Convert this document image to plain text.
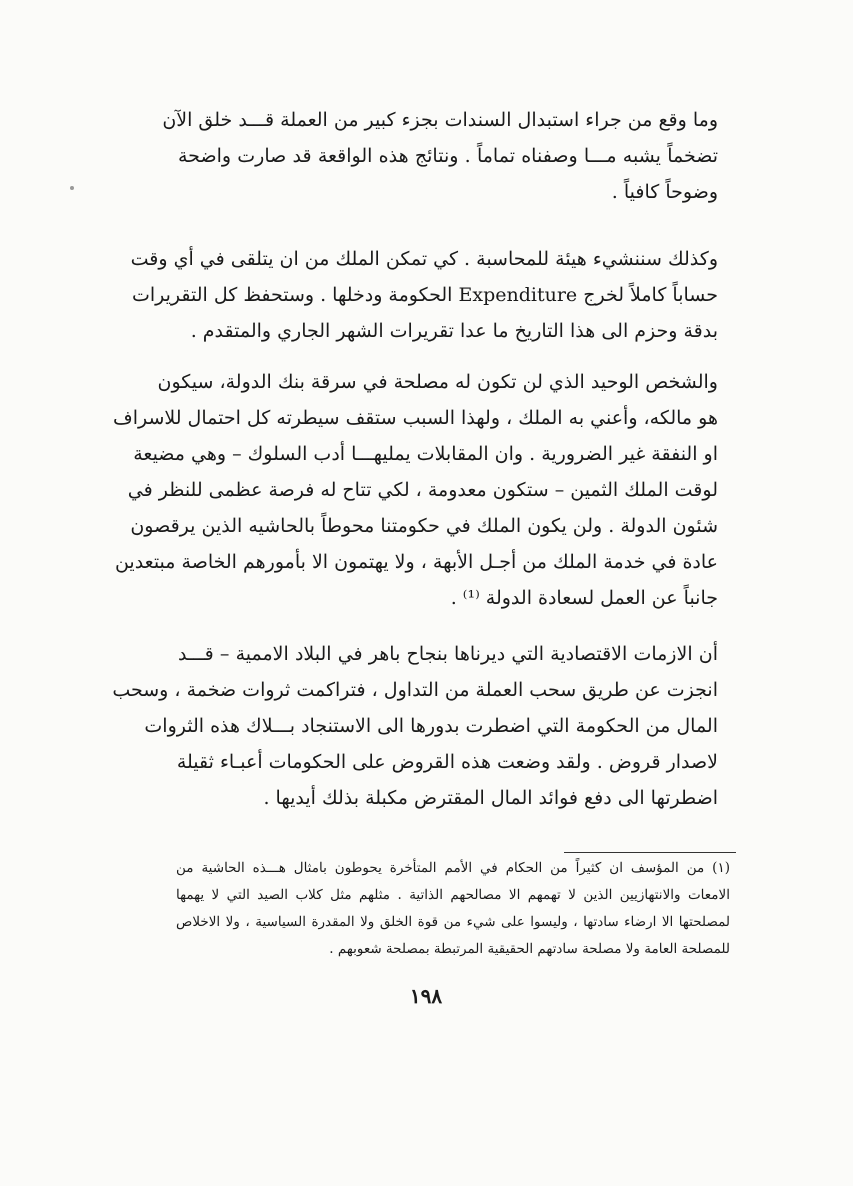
وما وقع من جراء استبدال السندات بجزء كبير من العملة قـــد خلق الآن
تضخماً يشبه مـــا وصفناه تماماً . ونتائج هذه الواقعة قد صارت واضحة
وضوحاً كافياً .
وكذلك سننشيء هيئة للمحاسبة . كي تمكن الملك من ان يتلقى في أي وقت
حساباً كاملاً لخرج Expenditure الحكومة ودخلها . وستحفظ كل التقريرات
بدقة وحزم الى هذا التاريخ ما عدا تقريرات الشهر الجاري والمتقدم .
والشخص الوحيد الذي لن تكون له مصلحة في سرقة بنك الدولة، سيكون
هو مالكه، وأعني به الملك ، ولهذا السبب ستقف سيطرته كل احتمال للاسراف
او النفقة غير الضرورية . وان المقابلات يمليهـــا أدب السلوك – وهي مضيعة
لوقت الملك الثمين – ستكون معدومة ، لكي تتاح له فرصة عظمى للنظر في
شئون الدولة . ولن يكون الملك في حكومتنا محوطاً بالحاشيه الذين يرقصون
عادة في خدمة الملك من أجـل الأبهة ، ولا يهتمون الا بأمورهم الخاصة مبتعدين
جانباً عن العمل لسعادة الدولة ⁽¹⁾ .
أن الازمات الاقتصادية التي ديرناها بنجاح باهر في البلاد الاممية – قـــد
انجزت عن طريق سحب العملة من التداول ، فتراكمت ثروات ضخمة ، وسحب
المال من الحكومة التي اضطرت بدورها الى الاستنجاد بـــلاك هذه الثروات
لاصدار قروض . ولقد وضعت هذه القروض على الحكومات أعبـاء ثقيلة
اضطرتها الى دفع فوائد المال المقترض مكبلة بذلك أيديها .
(١) من المؤسف ان كثيراً من الحكام في الأمم المتأخرة يحوطون بامثال هـــذه الحاشية من
الامعات والانتهازيين الذين لا تهمهم الا مصالحهم الذاتية . مثلهم مثل كلاب الصيد التي لا يهمها
لمصلحتها الا ارضاء سادتها ، وليسوا على شيء من قوة الخلق ولا المقدرة السياسية ، ولا الاخلاص
للمصلحة العامة ولا مصلحة سادتهم الحقيقية المرتبطة بمصلحة شعوبهم .
١٩٨
